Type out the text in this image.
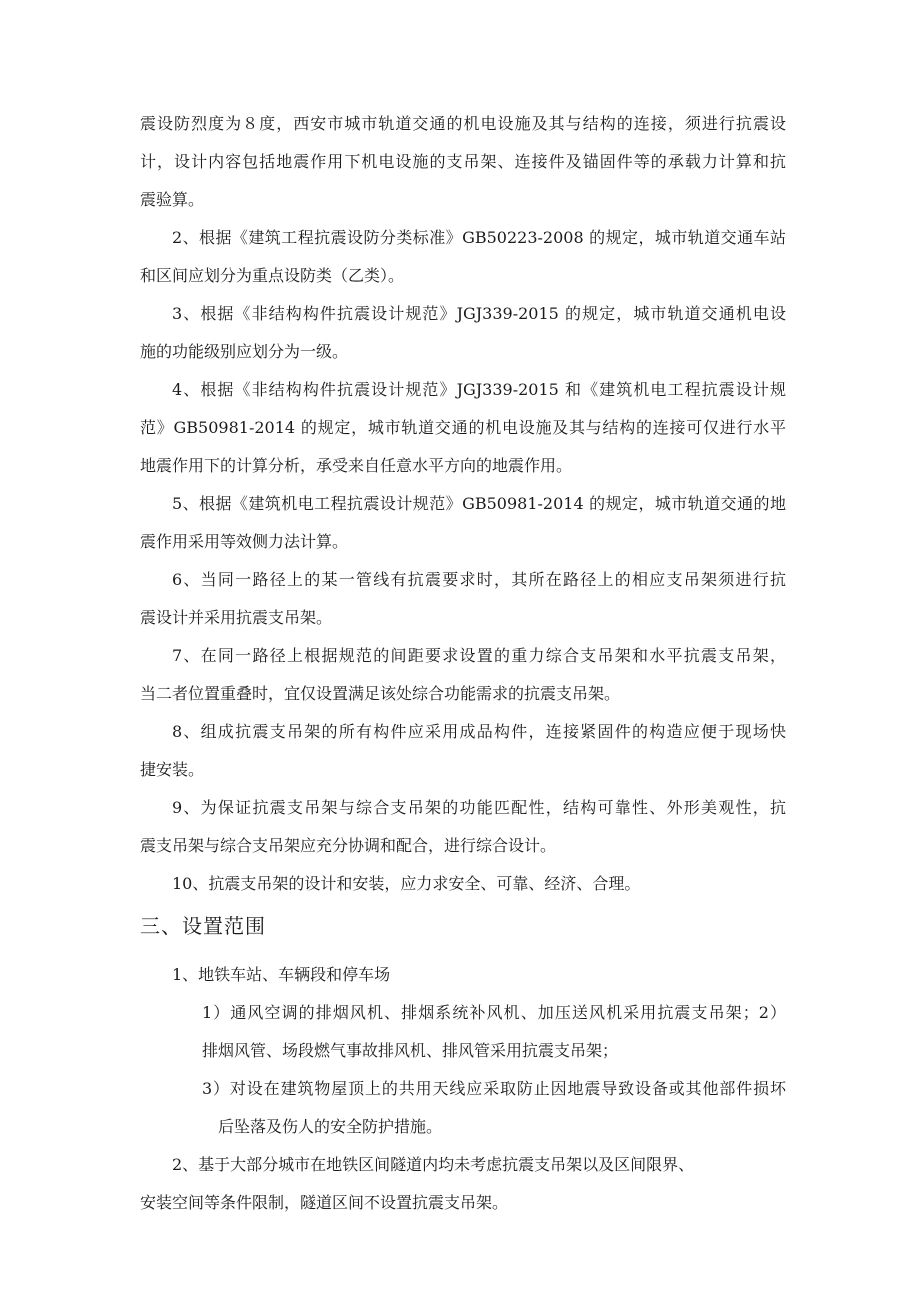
震设防烈度为８度，西安市城市轨道交通的机电设施及其与结构的连接，须进行抗震设
计，设计内容包括地震作用下机电设施的支吊架、连接件及锚固件等的承载力计算和抗
震验算。
2、根据《建筑工程抗震设防分类标准》GB50223-2008 的规定，城市轨道交通车站
和区间应划分为重点设防类（乙类）。
3、根据《非结构构件抗震设计规范》JGJ339-2015 的规定，城市轨道交通机电设
施的功能级别应划分为一级。
4、根据《非结构构件抗震设计规范》JGJ339-2015 和《建筑机电工程抗震设计规
范》GB50981-2014 的规定，城市轨道交通的机电设施及其与结构的连接可仅进行水平
地震作用下的计算分析，承受来自任意水平方向的地震作用。
5、根据《建筑机电工程抗震设计规范》GB50981-2014 的规定，城市轨道交通的地
震作用采用等效侧力法计算。
6、当同一路径上的某一管线有抗震要求时，其所在路径上的相应支吊架须进行抗
震设计并采用抗震支吊架。
7、在同一路径上根据规范的间距要求设置的重力综合支吊架和水平抗震支吊架，
当二者位置重叠时，宜仅设置满足该处综合功能需求的抗震支吊架。
8、组成抗震支吊架的所有构件应采用成品构件，连接紧固件的构造应便于现场快
捷安装。
9、为保证抗震支吊架与综合支吊架的功能匹配性，结构可靠性、外形美观性，抗
震支吊架与综合支吊架应充分协调和配合，进行综合设计。
10、抗震支吊架的设计和安装，应力求安全、可靠、经济、合理。
三、设置范围
1、地铁车站、车辆段和停车场
1）通风空调的排烟风机、排烟系统补风机、加压送风机采用抗震支吊架；2）
排烟风管、场段燃气事故排风机、排风管采用抗震支吊架；
3）对设在建筑物屋顶上的共用天线应采取防止因地震导致设备或其他部件损坏
后坠落及伤人的安全防护措施。
2、基于大部分城市在地铁区间隧道内均未考虑抗震支吊架以及区间限界、
安装空间等条件限制，隧道区间不设置抗震支吊架。
